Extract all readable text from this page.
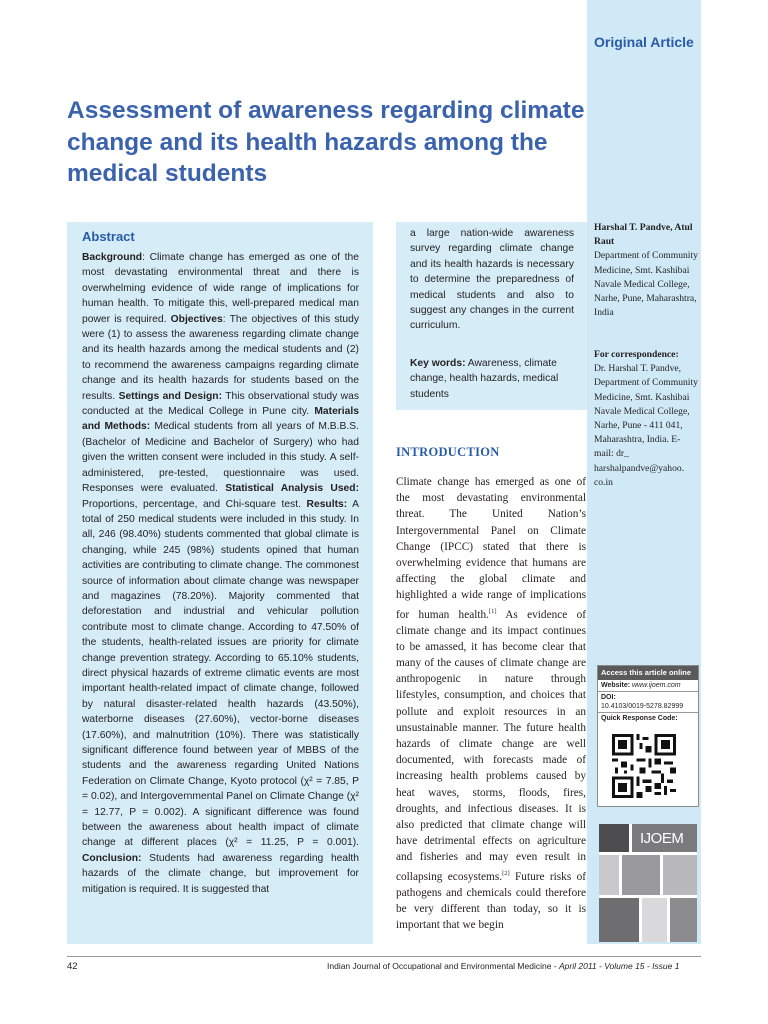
Original Article
Assessment of awareness regarding climate change and its health hazards among the medical students
Abstract
Background: Climate change has emerged as one of the most devastating environmental threat and there is overwhelming evidence of wide range of implications for human health. To mitigate this, well-prepared medical man power is required. Objectives: The objectives of this study were (1) to assess the awareness regarding climate change and its health hazards among the medical students and (2) to recommend the awareness campaigns regarding climate change and its health hazards for students based on the results. Settings and Design: This observational study was conducted at the Medical College in Pune city. Materials and Methods: Medical students from all years of M.B.B.S. (Bachelor of Medicine and Bachelor of Surgery) who had given the written consent were included in this study. A self-administered, pre-tested, questionnaire was used. Responses were evaluated. Statistical Analysis Used: Proportions, percentage, and Chi-square test. Results: A total of 250 medical students were included in this study. In all, 246 (98.40%) students commented that global climate is changing, while 245 (98%) students opined that human activities are contributing to climate change. The commonest source of information about climate change was newspaper and magazines (78.20%). Majority commented that deforestation and industrial and vehicular pollution contribute most to climate change. According to 47.50% of the students, health-related issues are priority for climate change prevention strategy. According to 65.10% students, direct physical hazards of extreme climatic events are most important health-related impact of climate change, followed by natural disaster-related health hazards (43.50%), waterborne diseases (27.60%), vector-borne diseases (17.60%), and malnutrition (10%). There was statistically significant difference found between year of MBBS of the students and the awareness regarding United Nations Federation on Climate Change, Kyoto protocol (χ² = 7.85, P = 0.02), and Intergovernmental Panel on Climate Change (χ² = 12.77, P = 0.002). A significant difference was found between the awareness about health impact of climate change at different places (χ² = 11.25, P = 0.001). Conclusion: Students had awareness regarding health hazards of the climate change, but improvement for mitigation is required. It is suggested that
a large nation-wide awareness survey regarding climate change and its health hazards is necessary to determine the preparedness of medical students and also to suggest any changes in the current curriculum.
Key words: Awareness, climate change, health hazards, medical students
INTRODUCTION
Climate change has emerged as one of the most devastating environmental threat. The United Nation’s Intergovernmental Panel on Climate Change (IPCC) stated that there is overwhelming evidence that humans are affecting the global climate and highlighted a wide range of implications for human health.[1] As evidence of climate change and its impact continues to be amassed, it has become clear that many of the causes of climate change are anthropogenic in nature through lifestyles, consumption, and choices that pollute and exploit resources in an unsustainable manner. The future health hazards of climate change are well documented, with forecasts made of increasing health problems caused by heat waves, storms, floods, fires, droughts, and infectious diseases. It is also predicted that climate change will have detrimental effects on agriculture and fisheries and may even result in collapsing ecosystems.[2] Future risks of pathogens and chemicals could therefore be very different than today, so it is important that we begin
Harshal T. Pandve, Atul Raut
Department of Community Medicine, Smt. Kashibai Navale Medical College, Narhe, Pune, Maharashtra, India
For correspondence:
Dr. Harshal T. Pandve, Department of Community Medicine, Smt. Kashibai Navale Medical College, Narhe, Pune - 411 041, Maharashtra, India. E-mail: dr_ harshalpandve@yahoo. co.in
Access this article online
Website: www.ijoem.com
DOI:
10.4103/0019-5278.82999
Quick Response Code:
IJOEM
42	Indian Journal of Occupational and Environmental Medicine - April 2011 - Volume 15 - Issue 1
